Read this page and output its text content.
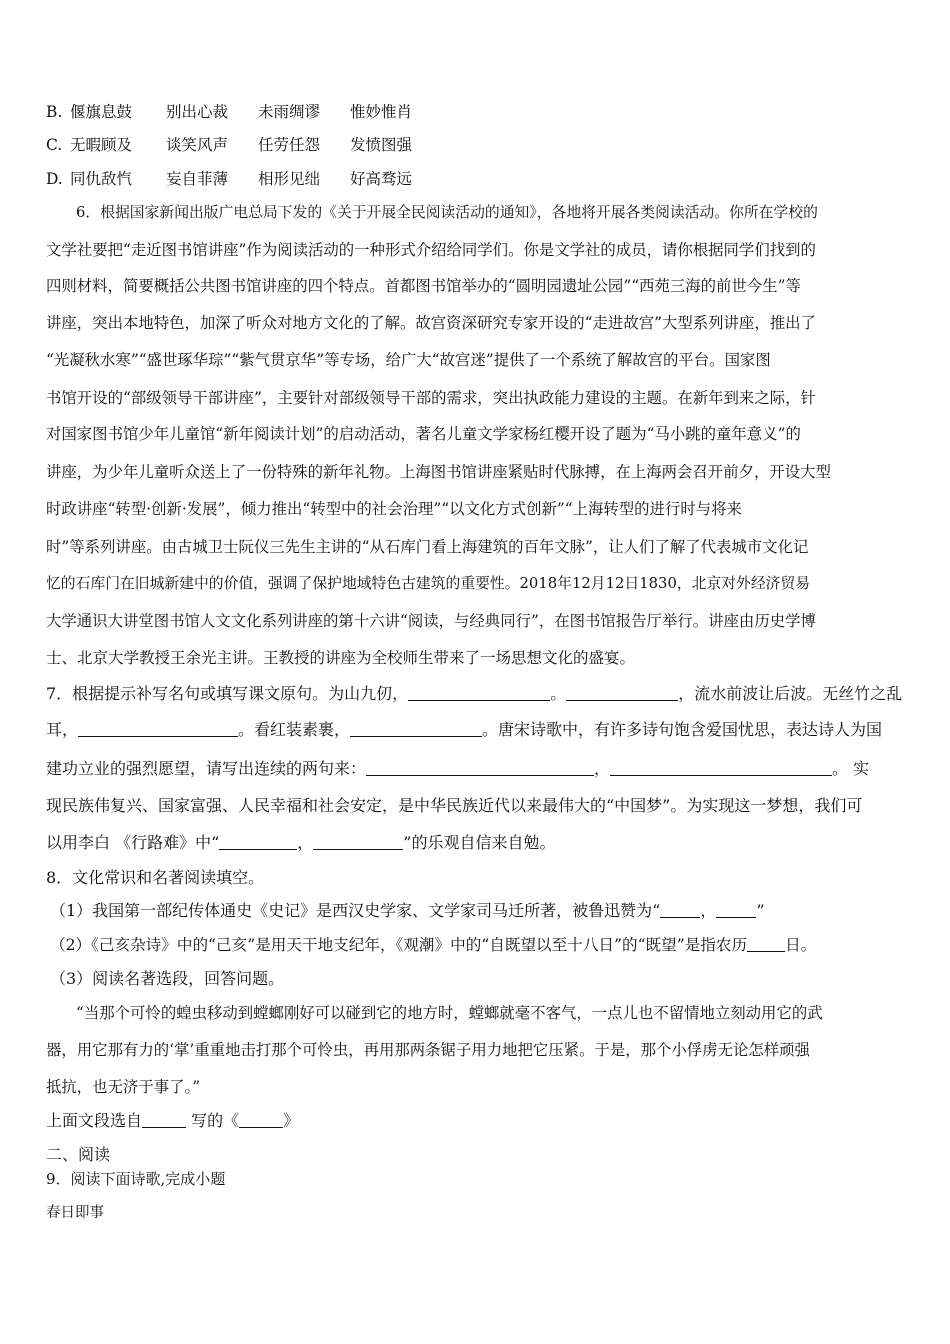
B. 偃旗息鼓 别出心裁 未雨绸谬 惟妙惟肖
C. 无暇顾及 谈笑风声 任劳任怨 发愤图强
D. 同仇敌忾 妄自菲薄 相形见绌 好高骛远
6．根据国家新闻出版广电总局下发的《关于开展全民阅读活动的通知》，各地将开展各类阅读活动。你所在学校的
文学社要把“走近图书馆讲座”作为阅读活动的一种形式介绍给同学们。你是文学社的成员，请你根据同学们找到的
四则材料，简要概括公共图书馆讲座的四个特点。首都图书馆举办的“圆明园遗址公园”“西苑三海的前世今生”等
讲座，突出本地特色，加深了听众对地方文化的了解。故宫资深研究专家开设的“走进故宫”大型系列讲座，推出了
“光凝秋水寒”“盛世琢华琮”“紫气贯京华”等专场，给广大“故宫迷”提供了一个系统了解故宫的平台。国家图
书馆开设的“部级领导干部讲座”，主要针对部级领导干部的需求，突出执政能力建设的主题。在新年到来之际，针
对国家图书馆少年儿童馆“新年阅读计划”的启动活动，著名儿童文学家杨红樱开设了题为“马小跳的童年意义”的
讲座，为少年儿童听众送上了一份特殊的新年礼物。上海图书馆讲座紧贴时代脉搏，在上海两会召开前夕，开设大型
时政讲座“转型·创新·发展”，倾力推出“转型中的社会治理”“以文化方式创新”“上海转型的进行时与将来
时”等系列讲座。由古城卫士阮仪三先生主讲的“从石库门看上海建筑的百年文脉”，让人们了解了代表城市文化记
忆的石库门在旧城新建中的价值，强调了保护地域特色古建筑的重要性。2018年12月12日1830，北京对外经济贸易
大学通识大讲堂图书馆人文文化系列讲座的第十六讲“阅读，与经典同行”，在图书馆报告厅举行。讲座由历史学博
士、北京大学教授王余光主讲。王教授的讲座为全校师生带来了一场思想文化的盛宴。
7．根据提示补写名句或填写课文原句。为山九仞，	。	，流水前波让后波。无丝竹之乱
耳，	。看红装素裹，	。唐宋诗歌中，有许多诗句饱含爱国忧思，表达诗人为国
建功立业的强烈愿望，请写出连续的两句来：	，	。 实
现民族伟复兴、国家富强、人民幸福和社会安定，是中华民族近代以来最伟大的“中国梦”。为实现这一梦想，我们可
以用李白 《行路难》中“	，	”的乐观自信来自勉。
8．文化常识和名著阅读填空。
（1）我国第一部纪传体通史《史记》是西汉史学家、文学家司马迁所著，被鲁迅赞为“	，	”
（2）《己亥杂诗》中的“己亥”是用天干地支纪年，《观潮》中的“自既望以至十八日”的“既望”是指农历 日。
（3）阅读名著选段，回答问题。
“当那个可怜的蝗虫移动到螳螂刚好可以碰到它的地方时，螳螂就毫不客气，一点儿也不留情地立刻动用它的武
器，用它那有力的‘掌’重重地击打那个可怜虫，再用那两条锯子用力地把它压紧。于是，那个小俘虏无论怎样顽强
抵抗，也无济于事了。”
上面文段选自	写的《	》
二、阅读
9．阅读下面诗歌,完成小题
春日即事
